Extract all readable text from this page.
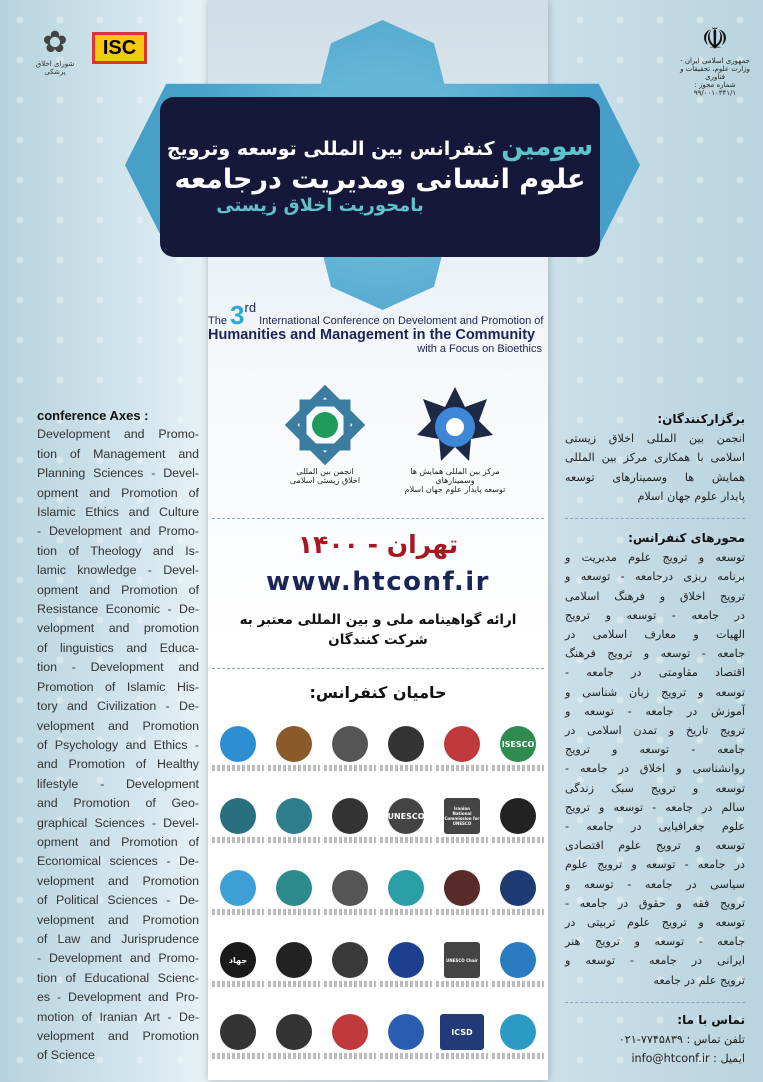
✿
شورای اخلاق پزشکی
ISC	☫
جمهوری اسلامی ایران - وزارت علوم، تحقیقات و فناوری
شماره مجوز : ۹۹/۰۰۱۰۳۴۱/۱
سومین کنفرانس بین المللی توسعه وترویج
علوم انسانی ومدیریت درجامعه
بامحوریت اخلاق زیستی
The 3rd International Conference on Develoment and Promotion of
Humanities and Management in the Community
with a Focus on Bioethics
مرکز بین المللی همایش ها وسمینارهای
توسعه پایدار علوم جهان اسلام
انجمن بین المللی
اخلاق زیستی اسلامی
تهران - ۱۴۰۰
www.htconf.ir
ارائه گواهینامه ملی و بین المللی معتبر به
شرکت کنندگان
حامیان کنفرانس:
ISESCO
Iranian National Commission for UNESCO
UNESCO
UNESCO Chair
جهاد
ICSD
conference Axes :
Development and Promo-
tion of Management and
Planning Sciences - Devel-
opment and Promotion of
Islamic Ethics and Culture
- Development and Promo-
tion of Theology and Is-
lamic knowledge - Devel-
opment and Promotion of
Resistance Economic - De-
velopment and promotion
of linguistics and Educa-
tion - Development and
Promotion of Islamic His-
tory and Civilization - De-
velopment and Promotion
of Psychology and Ethics -
and Promotion of Healthy
lifestyle - Development
and Promotion of Geo-
graphical Sciences - Devel-
opment and Promotion of
Economical sciences - De-
velopment and Promotion
of Political Sciences - De-
velopment and Promotion
of Law and Jurisprudence
- Development and Promo-
tion of Educational Scienc-
es - Development and Pro-
motion of Iranian Art - De-
velopment and Promotion
of Science
برگزارکنندگان:
انجمن بین المللی اخلاق زیستی
اسلامی با همکاری مرکز بین المللی
همایش ها وسمینارهای توسعه
پایدار علوم جهان اسلام
محورهای کنفرانس:
توسعه و ترویج علوم مدیریت و
برنامه ریزی درجامعه - توسعه و
ترویج اخلاق و فرهنگ اسلامی
در جامعه - توسعه و ترویج
الهیات و معارف اسلامی در
جامعه - توسعه و ترویج فرهنگ
اقتصاد مقاومتی در جامعه -
توسعه و ترویج زبان شناسی و
آموزش در جامعه - توسعه و
ترویج تاریخ و تمدن اسلامی در
جامعه - توسعه و ترویج
روانشناسی و اخلاق در جامعه -
توسعه و ترویج سبک زندگی
سالم در جامعه - توسعه و ترویج
علوم جغرافیایی در جامعه -
توسعه و ترویج علوم اقتصادی
در جامعه - توسعه و ترویج علوم
سیاسی در جامعه - توسعه و
ترویج فقه و حقوق در جامعه -
توسعه و ترویج علوم تربیتی در
جامعه - توسعه و ترویج هنر
ایرانی در جامعه - توسعه و
ترویج علم در جامعه
تماس با ما:
تلفن تماس : ۰۲۱-۷۷۴۵۸۳۹
ایمیل : info@htconf.ir
